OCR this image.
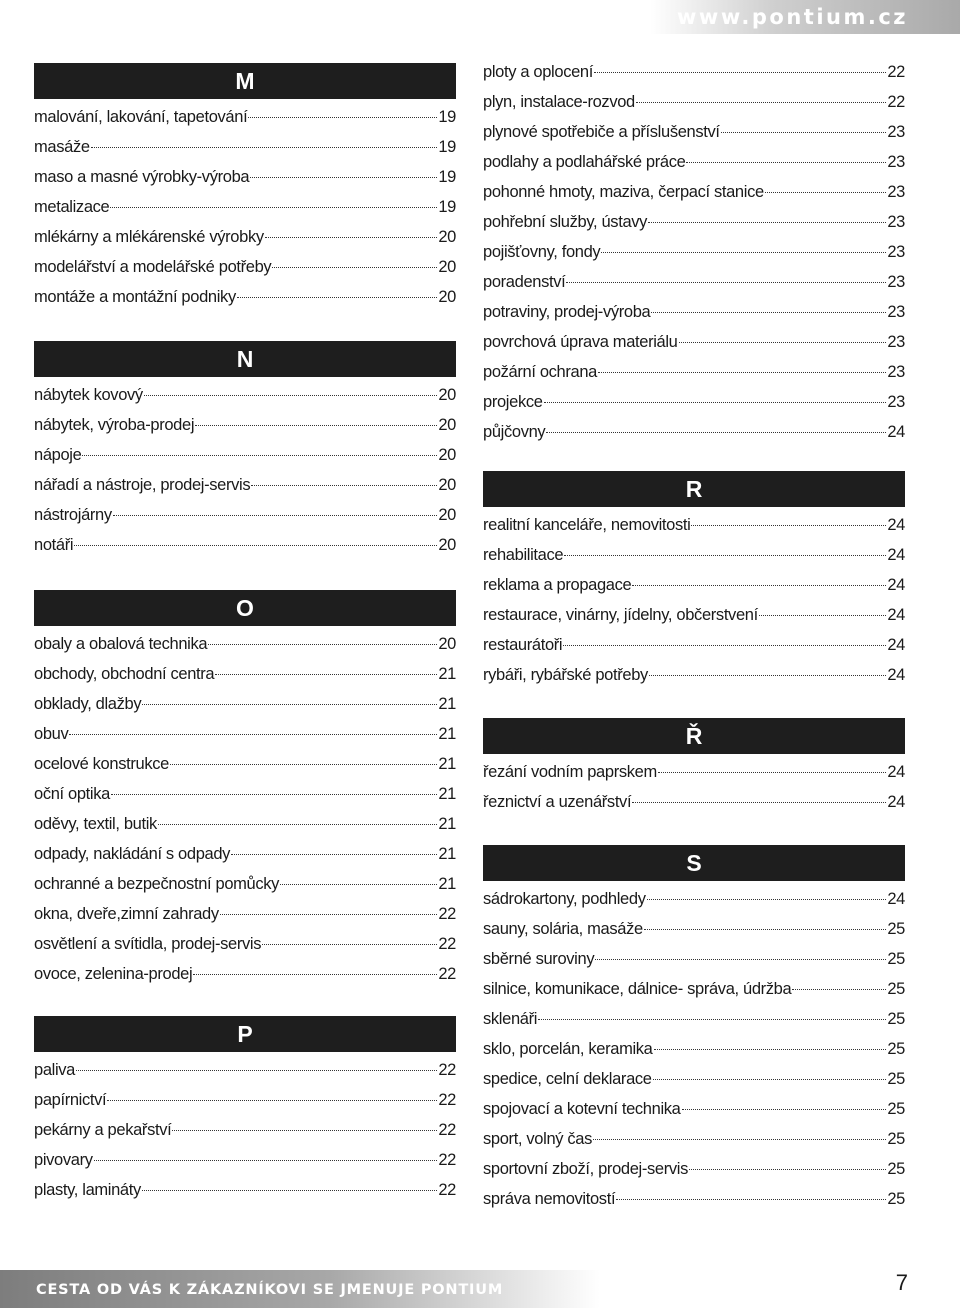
www.pontium.cz
M
malování, lakování, tapetování	19
masáže	19
maso a masné výrobky-výroba	19
metalizace	19
mlékárny a mlékárenské výrobky	20
modelářství a modelářské potřeby	20
montáže a montážní podniky	20
N
nábytek kovový	20
nábytek, výroba-prodej	20
nápoje	20
nářadí a nástroje, prodej-servis	20
nástrojárny	20
notáři	20
O
obaly a obalová technika	20
obchody, obchodní centra	21
obklady, dlažby	21
obuv	21
ocelové konstrukce	21
oční optika	21
oděvy, textil, butik	21
odpady, nakládání s odpady	21
ochranné a bezpečnostní pomůcky	21
okna, dveře,zimní zahrady	22
osvětlení a svítidla, prodej-servis	22
ovoce, zelenina-prodej	22
P
paliva	22
papírnictví	22
pekárny a pekařství	22
pivovary	22
plasty, lamináty	22
ploty a oplocení	22
plyn, instalace-rozvod	22
plynové spotřebiče a příslušenství	23
podlahy a podlahářské práce	23
pohonné hmoty, maziva, čerpací stanice	23
pohřební služby, ústavy	23
pojišťovny, fondy	23
poradenství	23
potraviny, prodej-výroba	23
povrchová úprava materiálu	23
požární ochrana	23
projekce	23
půjčovny	24
R
realitní kanceláře, nemovitosti	24
rehabilitace	24
reklama a propagace	24
restaurace, vinárny, jídelny, občerstvení	24
restaurátoři	24
rybáři, rybářské potřeby	24
Ř
řezání vodním paprskem	24
řeznictví a uzenářství	24
S
sádrokartony, podhledy	24
sauny, solária, masáže	25
sběrné suroviny	25
silnice, komunikace, dálnice- správa, údržba	25
sklenáři	25
sklo, porcelán, keramika	25
spedice, celní deklarace	25
spojovací a kotevní technika	25
sport, volný čas	25
sportovní zboží, prodej-servis	25
správa nemovitostí	25
CESTA OD VÁS K ZÁKAZNÍKOVI SE JMENUJE PONTIUM	7
